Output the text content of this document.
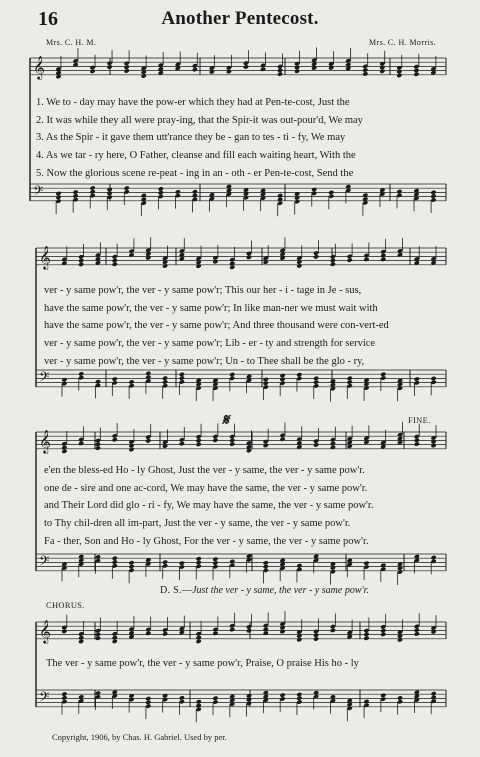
16	Another Pentecost.
Mrs. C. H. M.	Mrs. C. H. Morris.
𝄞
𝄢
𝄞
𝄢
𝄞
𝄢
𝄞
𝄢
1. We to - day may have the pow-er which they had at Pen-te-cost, Just the
2. It was while they all were pray-ing, that the Spir-it was out-pour'd, We may
3. As the Spir - it gave them utt'rance they be - gan to tes - ti - fy, We may
4. As we tar - ry here, O Father, cleanse and fill each waiting heart, With the
5. Now the glorious scene re-peat - ing in an - oth - er Pen-te-cost, Send the
ver - y same pow'r, the ver - y same pow'r; This our her - i - tage in Je - sus,
have the same pow'r, the ver - y same pow'r; In like man-ner we must wait with
have the same pow'r, the ver - y same pow'r; And three thousand were con-vert-ed
ver - y same pow'r, the ver - y same pow'r; Lib - er - ty and strength for service
ver - y same pow'r, the ver - y same pow'r; Un - to Thee shall be the glo - ry,
𝄋	FINE.
e'en the bless-ed Ho - ly Ghost, Just the ver - y same, the ver - y same pow'r.
one de - sire and one ac-cord, We may have the same, the ver - y same pow'r.
and Their Lord did glo - ri - fy, We may have the same, the ver - y same pow'r.
to Thy chil-dren all im-part, Just the ver - y same, the ver - y same pow'r.
Fa - ther, Son and Ho - ly Ghost, For the ver - y same, the ver - y same pow'r.
D. S.—Just the ver - y same, the ver - y same pow'r.
CHORUS.
The ver - y same pow'r, the ver - y same pow'r, Praise, O praise His ho - ly
Copyright, 1906, by Chas. H. Gabriel. Used by per.
